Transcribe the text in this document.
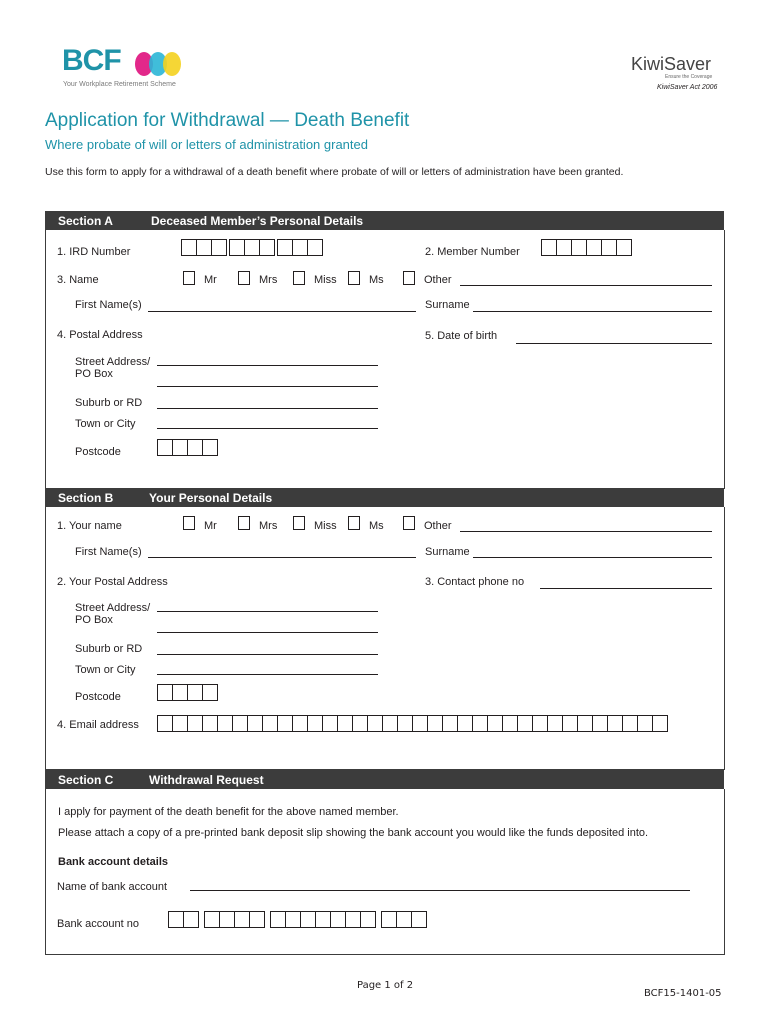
BCF
Your Workplace Retirement Scheme
KiwiSaver
Ensure the Coverage
KiwiSaver Act 2006
Application for Withdrawal — Death Benefit
Where probate of will or letters of administration granted
Use this form to apply for a withdrawal of a death benefit where probate of will or letters of administration have been granted.
Section A	Deceased Member’s Personal Details
1. IRD Number	2. Member Number
3. Name	Mr	Mrs	Miss	Ms	Other
First Name(s)	Surname
4. Postal Address	5. Date of birth
Street Address/
PO Box
Suburb or RD
Town or City
Postcode
Section B	Your Personal Details
1. Your name	Mr	Mrs	Miss	Ms	Other
First Name(s)	Surname
2. Your Postal Address	3. Contact phone no
Street Address/
PO Box
Suburb or RD
Town or City
Postcode
4. Email address
Section C	Withdrawal Request
I apply for payment of the death benefit for the above named member.
Please attach a copy of a pre-printed bank deposit slip showing the bank account you would like the funds deposited into.
Bank account details
Name of bank account
Bank account no
Page 1 of 2
BCF15-1401-05
